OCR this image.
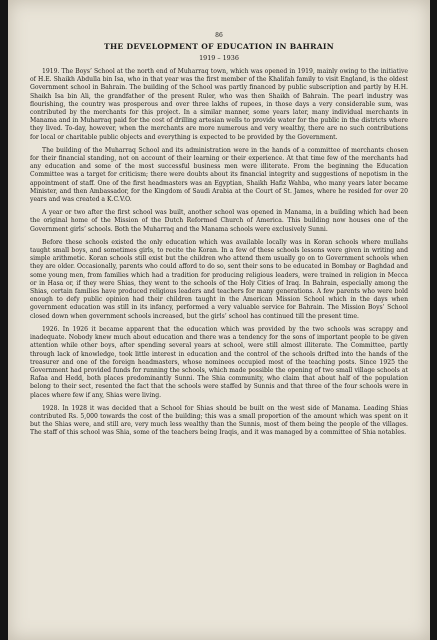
86
THE DEVELOPMENT OF EDUCATION IN BAHRAIN
1919 – 1936

1919. The Boys’ School at the north end of Muharraq town, which was opened in 1919, mainly owing to the initiative of H.E. Shaikh Abdulla bin Isa, who in that year was the first member of the Khalifah family to visit England, is the oldest Government school in Bahrain. The building of the School was partly financed by public subscription and partly by H.H. Shaikh Isa bin Ali, the grandfather of the present Ruler, who was then Shaikh of Bahrain. The pearl industry was flourishing, the country was prosperous and over three lakhs of rupees, in those days a very considerable sum, was contributed by the merchants for this project. In a similar manner, some years later, many individual merchants in Manama and in Muharraq paid for the cost of drilling artesian wells to provide water for the public in the districts where they lived. To-day, however, when the merchants are more numerous and very wealthy, there are no such contributions for local or charitable public objects and everything is expected to be provided by the Government.

The building of the Muharraq School and its administration were in the hands of a committee of merchants chosen for their financial standing, not on account of their learning or their experience. At that time few of the merchants had any education and some of the most successful business men were illiterate. From the beginning the Education Committee was a target for criticism; there were doubts about its financial integrity and suggestions of nepotism in the appointment of staff. One of the first headmasters was an Egyptian, Shaikh Hafiz Wahba, who many years later became Minister, and then Ambassador, for the Kingdom of Saudi Arabia at the Court of St. James, where he resided for over 20 years and was created a K.C.V.O.

A year or two after the first school was built, another school was opened in Manama, in a building which had been the original home of the Mission of the Dutch Reformed Church of America. This building now houses one of the Government girls’ schools. Both the Muharraq and the Manama schools were exclusively Sunni.

Before these schools existed the only education which was available locally was in Koran schools where mullahs taught small boys, and sometimes girls, to recite the Koran. In a few of these schools lessons were given in writing and simple arithmetic. Koran schools still exist but the children who attend them usually go on to Government schools when they are older. Occasionally, parents who could afford to do so, sent their sons to be educated in Bombay or Baghdad and some young men, from families which had a tradition for producing religious leaders, were trained in religion in Mecca or in Hasa or, if they were Shias, they went to the schools of the Holy Cities of Iraq. In Bahrain, especially among the Shias, certain families have produced religious leaders and teachers for many generations. A few parents who were bold enough to defy public opinion had their children taught in the American Mission School which in the days when government education was still in its infancy, performed a very valuable service for Bahrain. The Mission Boys’ School closed down when government schools increased, but the girls’ school has continued till the present time.

1926. In 1926 it became apparent that the education which was provided by the two schools was scrappy and inadequate. Nobody knew much about education and there was a tendency for the sons of important people to be given attention while other boys, after spending several years at school, were still almost illiterate. The Committee, partly through lack of knowledge, took little interest in education and the control of the schools drifted into the hands of the treasurer and one of the foreign headmasters, whose nominees occupied most of the teaching posts. Since 1925 the Government had provided funds for running the schools, which made possible the opening of two small village schools at Rafaa and Hedd, both places predominantly Sunni. The Shia community, who claim that about half of the population belong to their sect, resented the fact that the schools were staffed by Sunnis and that three of the four schools were in places where few if any, Shias were living.

1928. In 1928 it was decided that a School for Shias should be built on the west side of Manama. Leading Shias contributed Rs. 5,000 towards the cost of the building; this was a small proportion of the amount which was spent on it but the Shias were, and still are, very much less wealthy than the Sunnis, most of them being the people of the villages. The staff of this school was Shia, some of the teachers being Iraqis, and it was managed by a committee of Shia notables.
